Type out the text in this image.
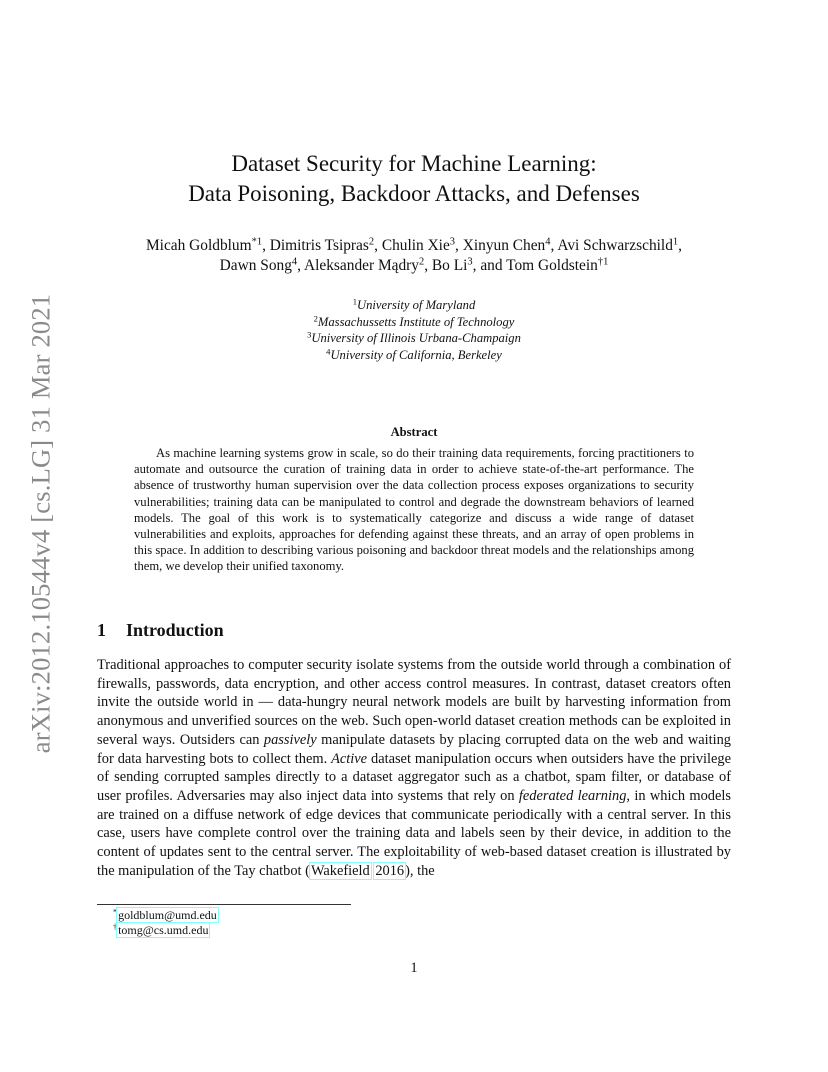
arXiv:2012.10544v4 [cs.LG] 31 Mar 2021
Dataset Security for Machine Learning:
Data Poisoning, Backdoor Attacks, and Defenses
Micah Goldblum$^{*1}$, Dimitris Tsipras$^2$, Chulin Xie$^3$, Xinyun Chen$^4$, Avi Schwarzschild$^1$,
Dawn Song$^4$, Aleksander Mądry$^2$, Bo Li$^3$, and Tom Goldstein$^{\dagger 1}$
$^1$University of Maryland
$^2$Massachussetts Institute of Technology
$^3$University of Illinois Urbana-Champaign
$^4$University of California, Berkeley
Abstract

As machine learning systems grow in scale, so do their training data requirements, forcing practitioners to automate and outsource the curation of training data in order to achieve state-of-the-art performance. The absence of trustworthy human supervision over the data collection process exposes organizations to security vulnerabilities; training data can be manipulated to control and degrade the downstream behaviors of learned models. The goal of this work is to systematically categorize and discuss a wide range of dataset vulnerabilities and exploits, approaches for defending against these threats, and an array of open problems in this space. In addition to describing various poisoning and backdoor threat models and the relationships among them, we develop their unified taxonomy.

1 Introduction

Traditional approaches to computer security isolate systems from the outside world through a combination of firewalls, passwords, data encryption, and other access control measures. In contrast, dataset creators often invite the outside world in — data-hungry neural network models are built by harvesting information from anonymous and unverified sources on the web. Such open-world dataset creation methods can be exploited in several ways. Outsiders can passively manipulate datasets by placing corrupted data on the web and waiting for data harvesting bots to collect them. Active dataset manipulation occurs when outsiders have the privilege of sending corrupted samples directly to a dataset aggregator such as a chatbot, spam filter, or database of user profiles. Adversaries may also inject data into systems that rely on federated learning, in which models are trained on a diffuse network of edge devices that communicate periodically with a central server. In this case, users have complete control over the training data and labels seen by their device, in addition to the content of updates sent to the central server. The exploitability of web-based dataset creation is illustrated by the manipulation of the Tay chatbot (Wakefield 2016), the

*goldblum@umd.edu
†tomg@cs.umd.edu
1
